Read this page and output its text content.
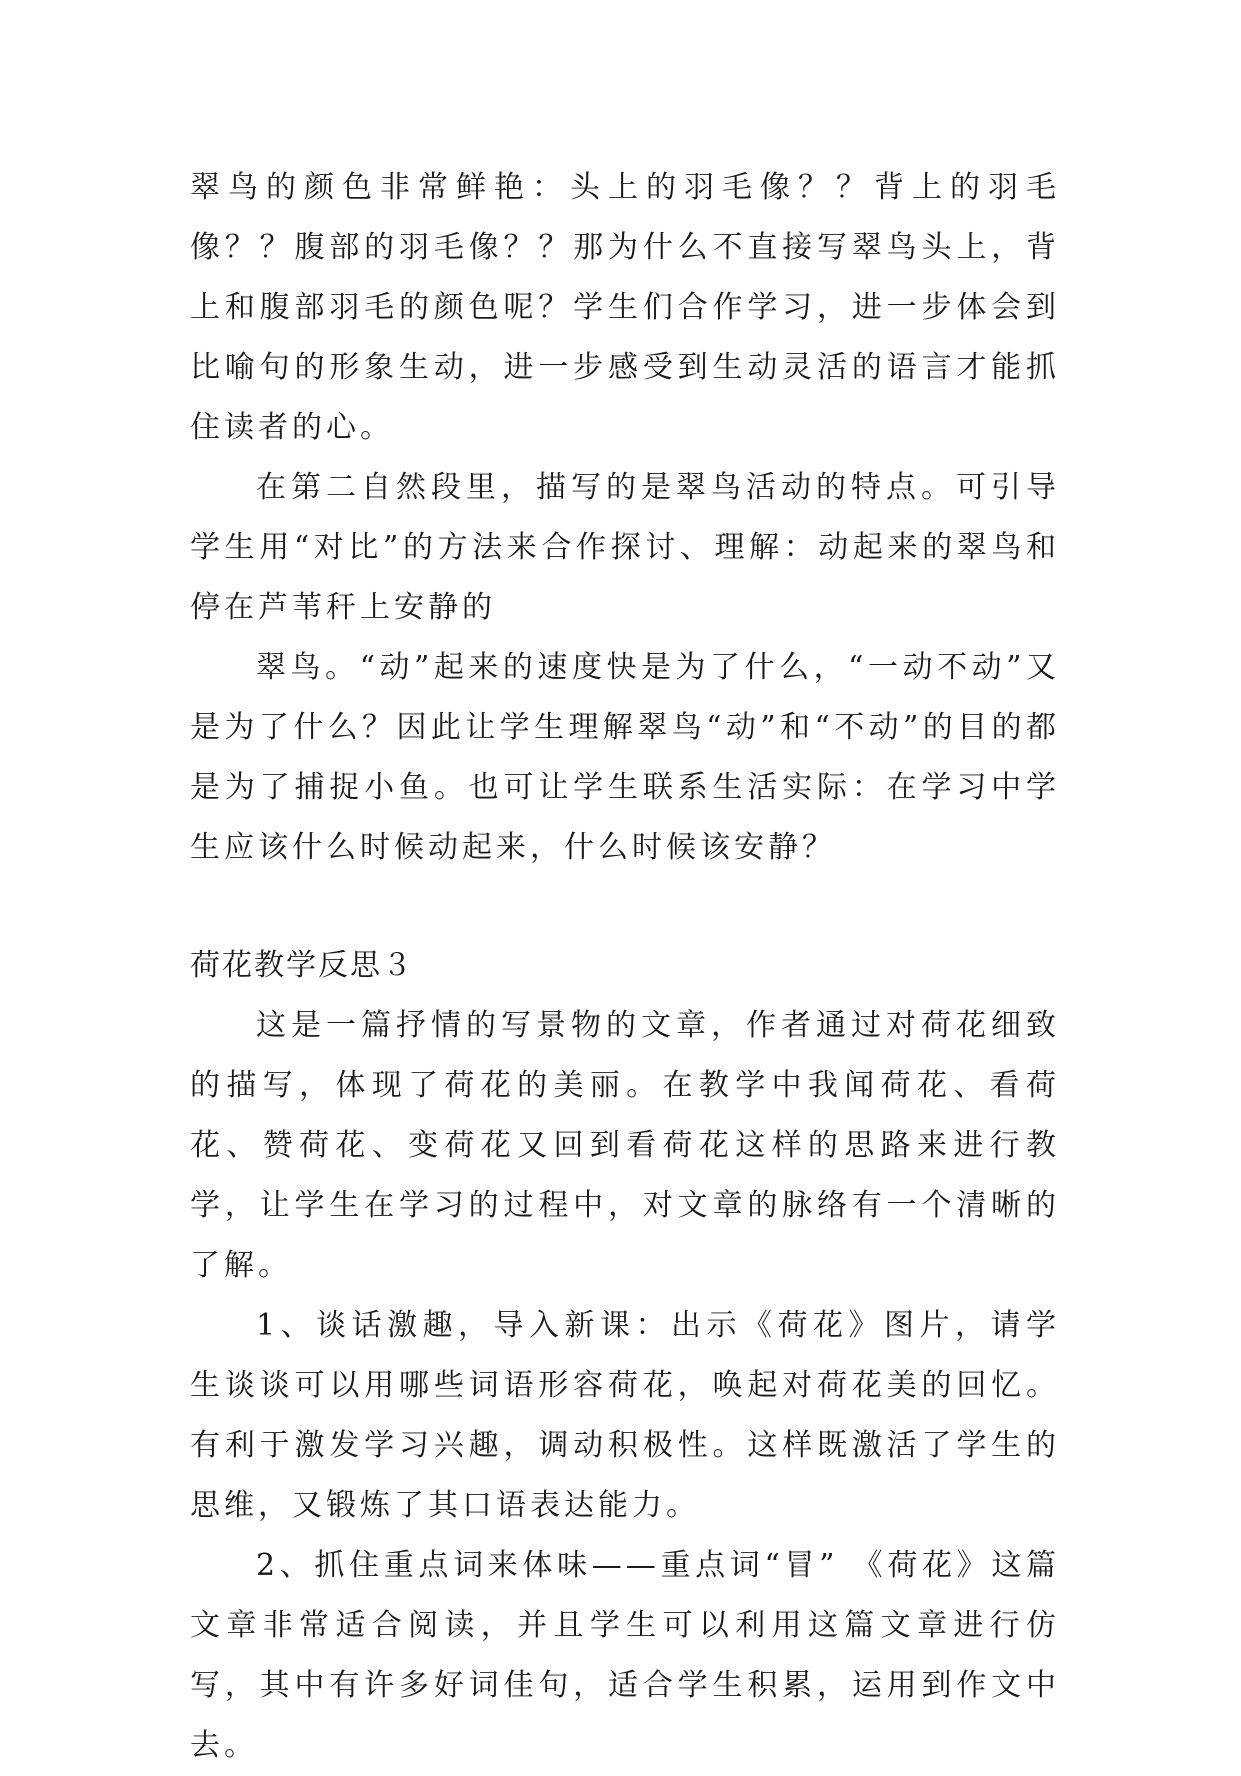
翠鸟的颜色非常鲜艳：头上的羽毛像？？背上的羽毛像？？腹部的羽毛像？？那为什么不直接写翠鸟头上，背上和腹部羽毛的颜色呢？学生们合作学习，进一步体会到比喻句的形象生动，进一步感受到生动灵活的语言才能抓住读者的心。

在第二自然段里，描写的是翠鸟活动的特点。可引导学生用“对比”的方法来合作探讨、理解：动起来的翠鸟和停在芦苇秆上安静的

翠鸟。“动”起来的速度快是为了什么，“一动不动”又是为了什么？因此让学生理解翠鸟“动”和“不动”的目的都是为了捕捉小鱼。也可让学生联系生活实际：在学习中学生应该什么时候动起来，什么时候该安静？

荷花教学反思３

这是一篇抒情的写景物的文章，作者通过对荷花细致的描写，体现了荷花的美丽。在教学中我闻荷花、看荷花、赞荷花、变荷花又回到看荷花这样的思路来进行教学，让学生在学习的过程中，对文章的脉络有一个清晰的了解。

1、谈话激趣，导入新课：出示《荷花》图片，请学生谈谈可以用哪些词语形容荷花，唤起对荷花美的回忆。有利于激发学习兴趣，调动积极性。这样既激活了学生的思维，又锻炼了其口语表达能力。

2、抓住重点词来体味——重点词“冒” 《荷花》这篇文章非常适合阅读，并且学生可以利用这篇文章进行仿写，其中有许多好词佳句，适合学生积累，运用到作文中去。
